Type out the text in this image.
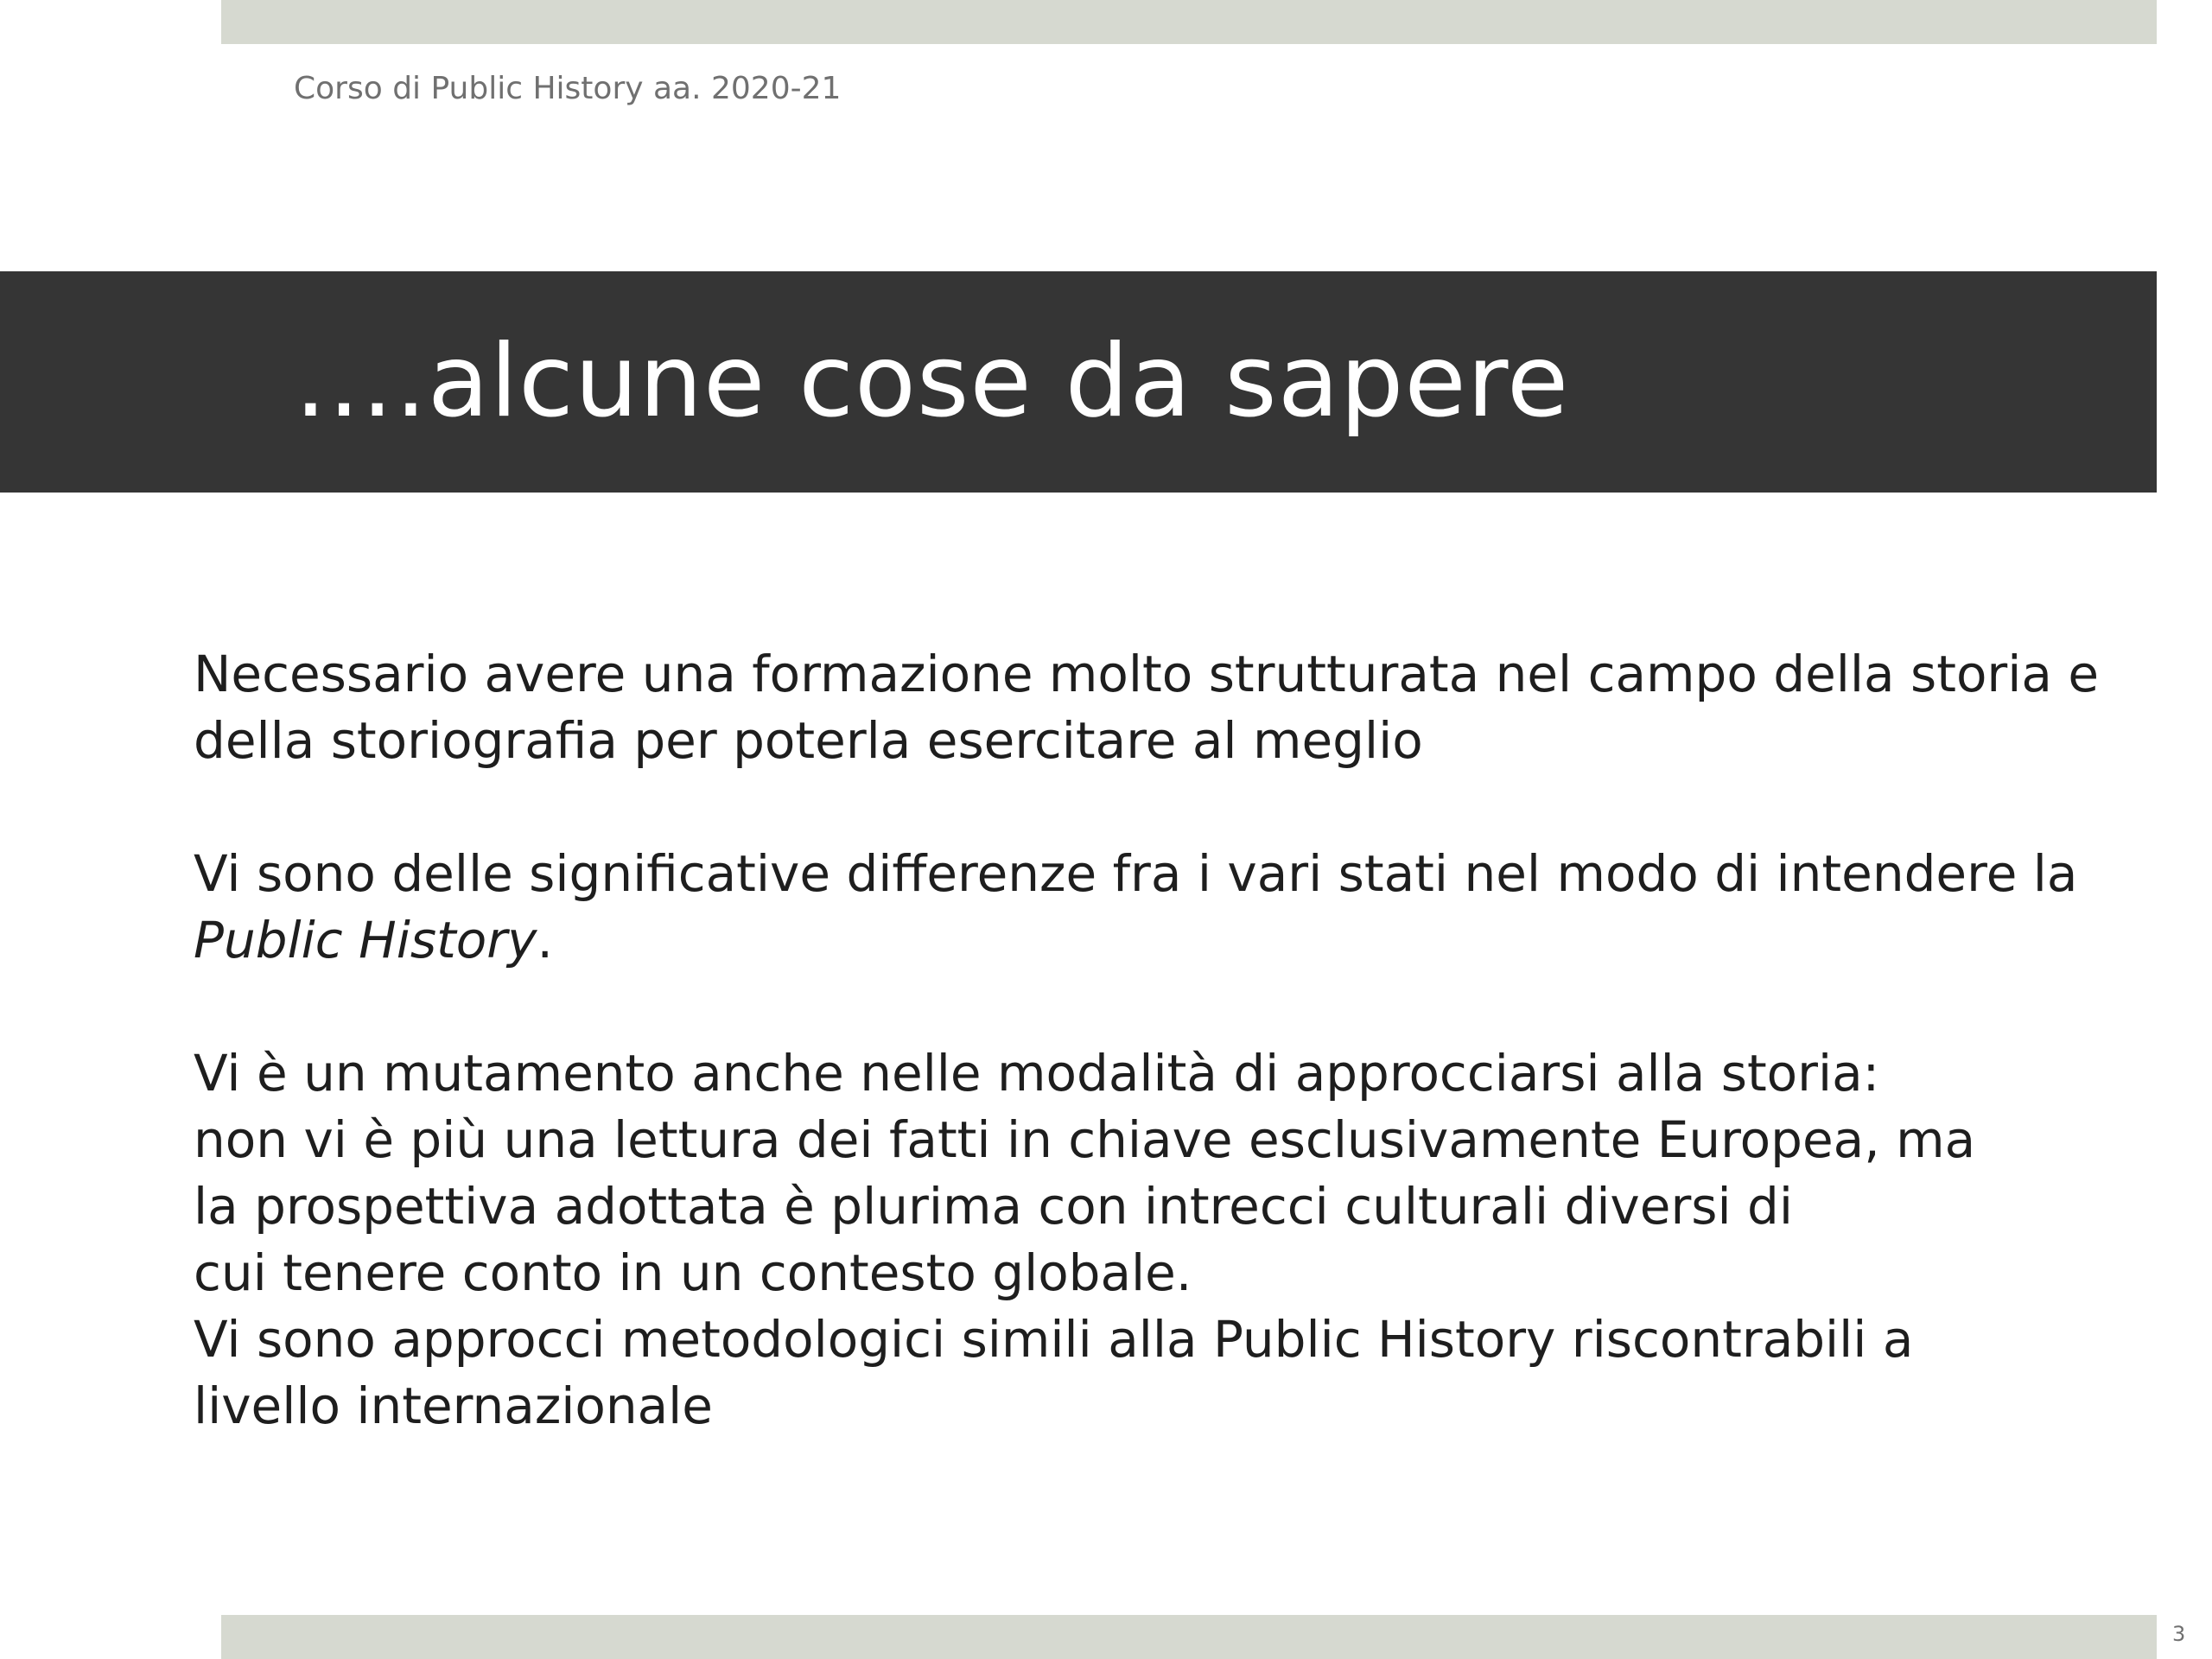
Corso di Public History aa. 2020-21
….alcune cose da sapere

Necessario avere una formazione molto strutturata nel campo della storia e della storiografia per poterla esercitare al meglio

Vi sono delle significative differenze fra i vari stati nel modo di intendere la Public History.

Vi è un mutamento anche nelle modalità di approcciarsi alla storia:

non vi è più una lettura dei fatti in chiave esclusivamente Europea, ma

la prospettiva adottata è plurima con intrecci culturali diversi di

cui tenere conto in un contesto globale.

Vi sono approcci metodologici simili alla Public History riscontrabili a

livello internazionale

3
